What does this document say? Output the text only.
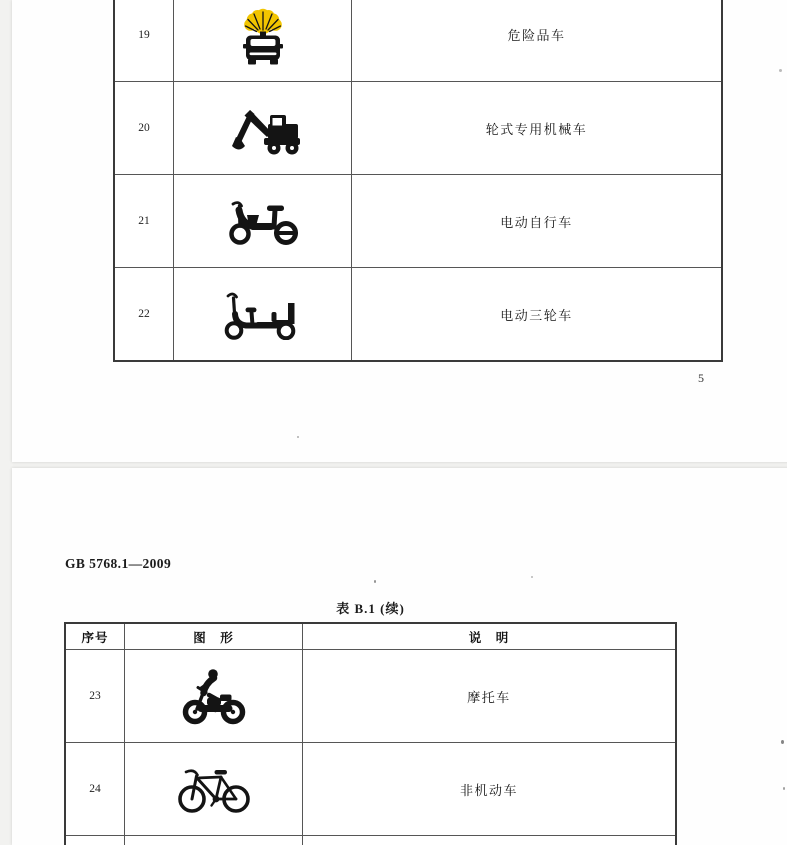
19	危险品车
20	轮式专用机械车
21	电动自行车
22	电动三轮车
5
GB 5768.1—2009
表 B.1 (续)
序号	图　形	说　明
23	摩托车
24	非机动车
